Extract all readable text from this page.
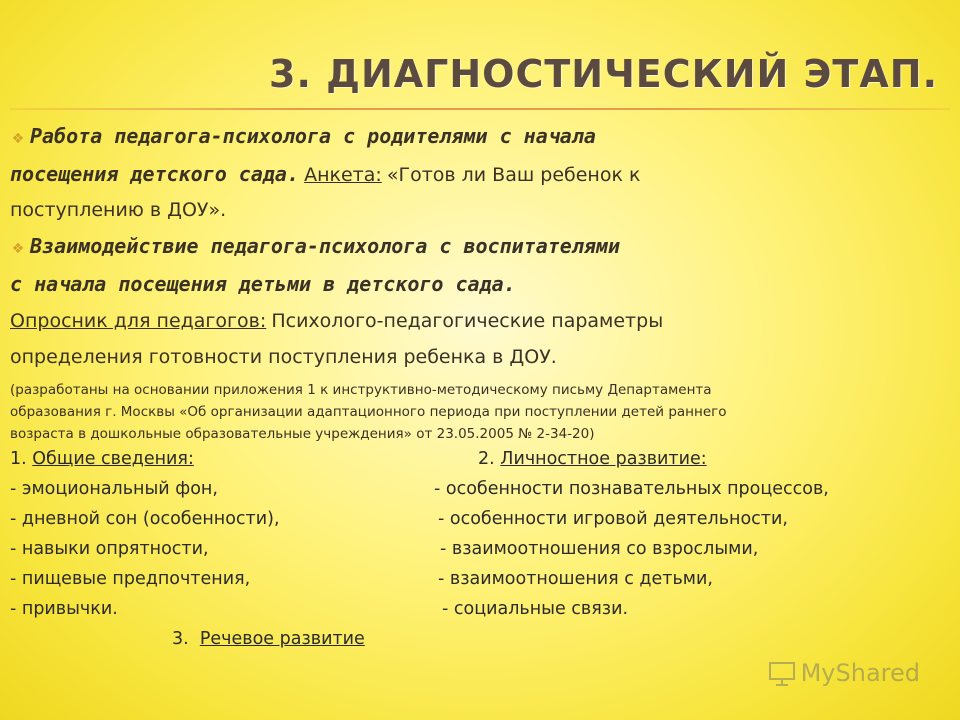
3. ДИАГНОСТИЧЕСКИЙ ЭТАП.

❖ Работа педагога-психолога с родителями с начала

посещения детского сада. Анкета: «Готов ли Ваш ребенок к

поступлению в ДОУ».

❖ Взаимодействие педагога-психолога с воспитателями

с начала посещения детьми в детского сада.

Опросник для педагогов: Психолого-педагогические параметры

определения готовности поступления ребенка в ДОУ.

(разработаны на основании приложения 1 к инструктивно-методическому письму Департамента
образования г. Москвы «Об организации адаптационного периода при поступлении детей раннего
возраста в дошкольные образовательные учреждения» от 23.05.2005 № 2-34-20)
1. Общие сведения:	2. Личностное развитие:
- эмоциональный фон,	- особенности познавательных процессов,
- дневной сон (особенности),	- особенности игровой деятельности,
- навыки опрятности,	- взаимоотношения со взрослыми,
- пищевые предпочтения,	- взаимоотношения с детьми,
- привычки.	- социальные связи.
3. Речевое развитие
MyShared
